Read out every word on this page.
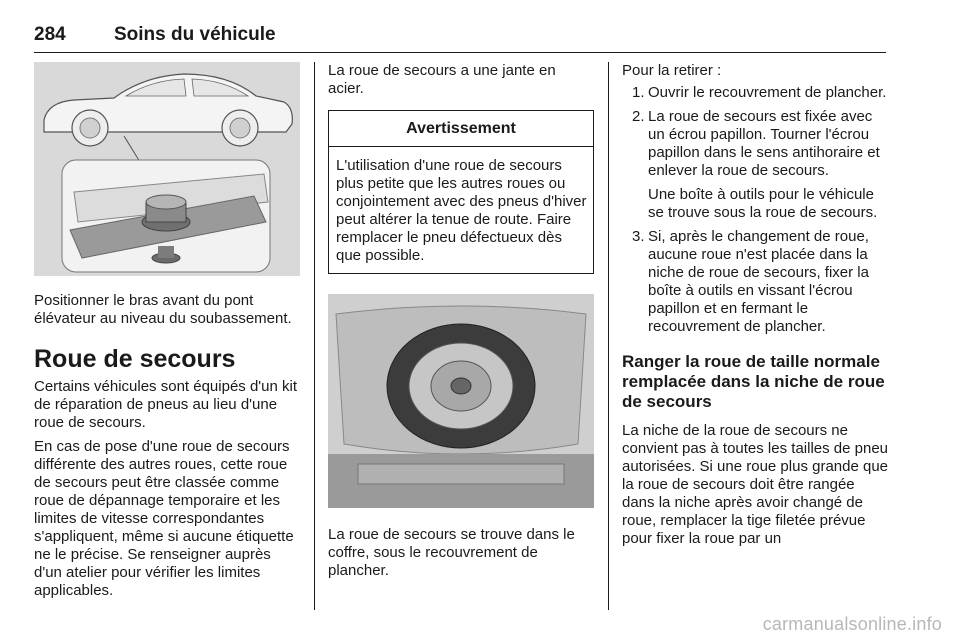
284	Soins du véhicule

Positionner le bras avant du pont élévateur au niveau du soubassement.

Roue de secours

Certains véhicules sont équipés d'un kit de réparation de pneus au lieu d'une roue de secours.

En cas de pose d'une roue de secours différente des autres roues, cette roue de secours peut être classée comme roue de dépannage temporaire et les limites de vitesse correspondantes s'appliquent, même si aucune étiquette ne le précise. Se renseigner auprès d'un atelier pour vérifier les limites applicables.

La roue de secours a une jante en acier.

Avertissement
L'utilisation d'une roue de secours plus petite que les autres roues ou conjointement avec des pneus d'hiver peut altérer la tenue de route. Faire remplacer le pneu défectueux dès que possible.

La roue de secours se trouve dans le coffre, sous le recouvrement de plancher.

Pour la retirer :

1. Ouvrir le recouvrement de plancher.
2. La roue de secours est fixée avec un écrou papillon. Tourner l'écrou papillon dans le sens antihoraire et enlever la roue de secours.
Une boîte à outils pour le véhicule se trouve sous la roue de secours.
3. Si, après le changement de roue, aucune roue n'est placée dans la niche de roue de secours, fixer la boîte à outils en vissant l'écrou papillon et en fermant le recouvrement de plancher.
Ranger la roue de taille normale remplacée dans la niche de roue de secours

La niche de la roue de secours ne convient pas à toutes les tailles de pneu autorisées. Si une roue plus grande que la roue de secours doit être rangée dans la niche après avoir changé de roue, remplacer la tige filetée prévue pour fixer la roue par un

carmanualsonline.info
